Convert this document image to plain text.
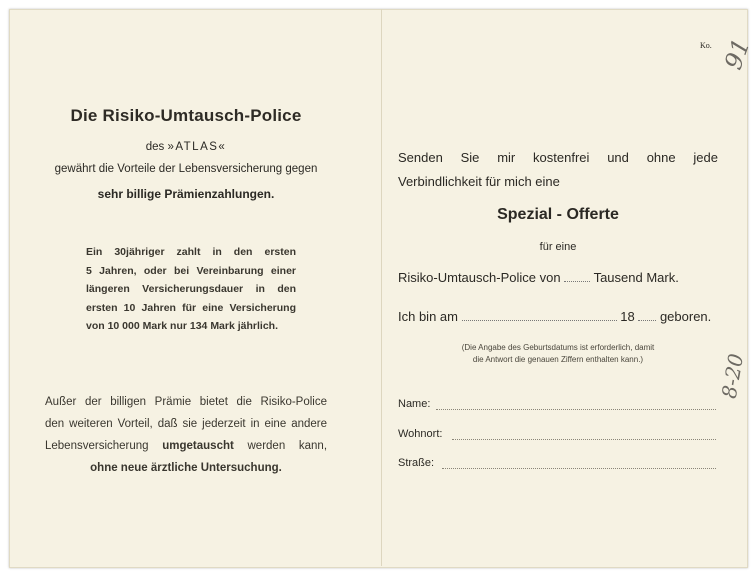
Die Risiko-Umtausch-Police
des »ATLAS«
gewährt die Vorteile der Lebensversicherung gegen
sehr billige Prämienzahlungen.
Ein 30jähriger zahlt in den ersten
5 Jahren, oder bei Vereinbarung einer
längeren Versicherungsdauer in den
ersten 10 Jahren für eine Versicherung
von 10 000 Mark nur 134 Mark jährlich.
Außer der billigen Prämie bietet die Risiko-Police
den weiteren Vorteil, daß sie jederzeit in eine andere
Lebensversicherung umgetauscht werden kann,
ohne neue ärztliche Untersuchung.
Ko. 91
8-20
Senden Sie mir kostenfrei und ohne jede
Verbindlichkeit für mich eine
Spezial - Offerte
für eine
Risiko-Umtausch-Police von	Tausend Mark.
Ich bin am	18 geboren.
(Die Angabe des Geburtsdatums ist erforderlich, damit
die Antwort die genauen Ziffern enthalten kann.)
Name:
Wohnort:
Straße:
